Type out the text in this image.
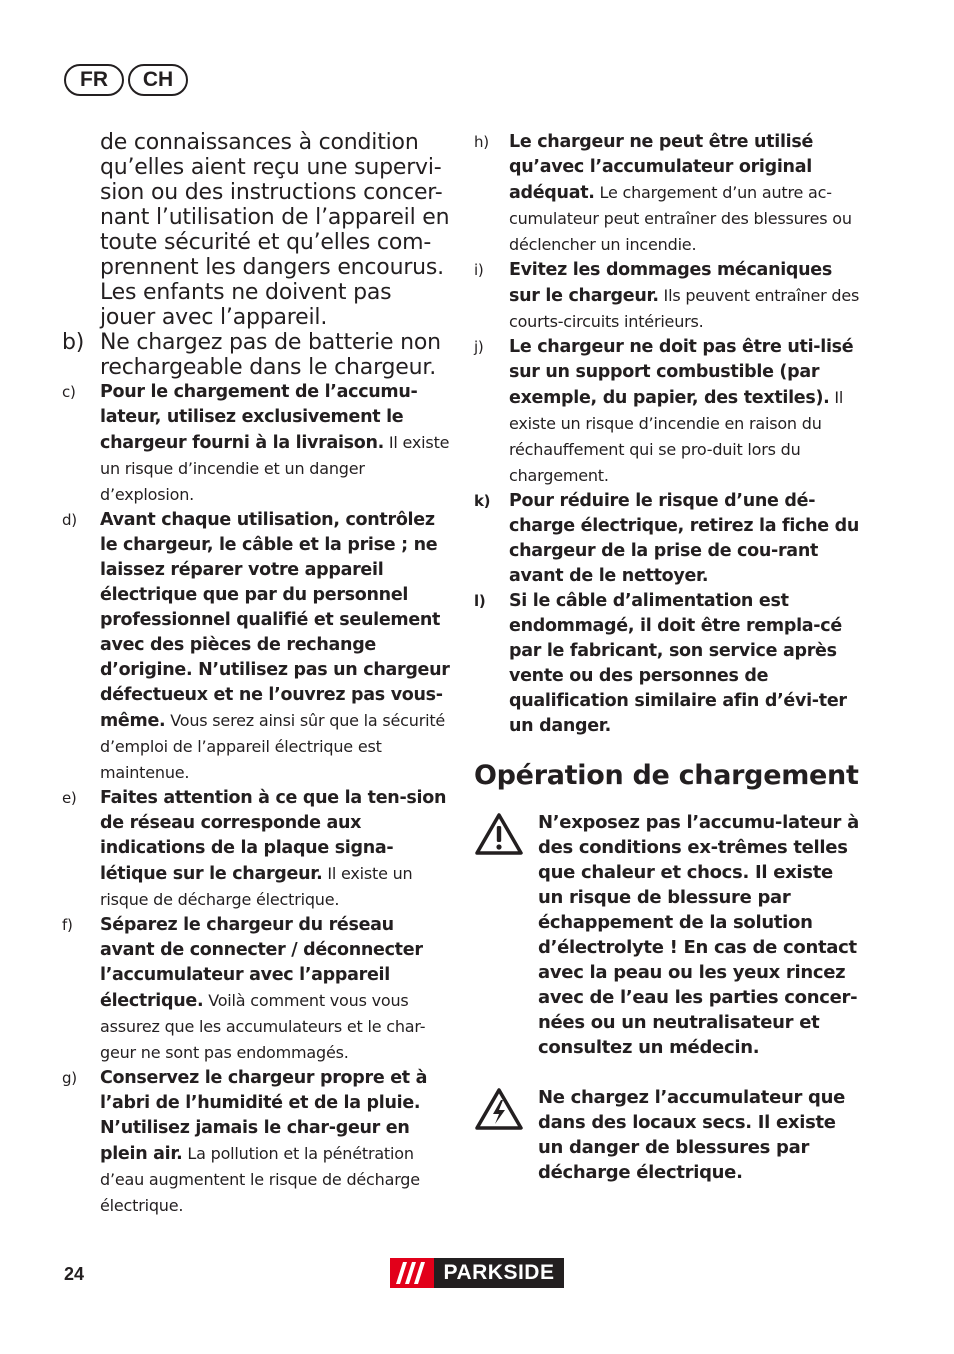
FR	CH
de connaissances à condition qu’elles aient reçu une supervi-sion ou des instructions concer-nant l’utilisation de l’appareil en toute sécurité et qu’elles com-prennent les dangers encourus. Les enfants ne doivent pas jouer avec l’appareil.
b) Ne chargez pas de batterie non rechargeable dans le chargeur.
c)	Pour le chargement de l’accumu-lateur, utilisez exclusivement le chargeur fourni à la livraison. Il existe un risque d’incendie et un danger d’explosion.
d)	Avant chaque utilisation, contrôlez le chargeur, le câble et la prise ; ne laissez réparer votre appareil électrique que par du personnel professionnel qualifié et seulement avec des pièces de rechange d’origine. N’utilisez pas un chargeur défectueux et ne l’ouvrez pas vous-même. Vous serez ainsi sûr que la sécurité d’emploi de l’appareil électrique est maintenue.
e)	Faites attention à ce que la ten-sion de réseau corresponde aux indications de la plaque signa-létique sur le chargeur. Il existe un risque de décharge électrique.
f)	Séparez le chargeur du réseau avant de connecter / déconnecter l’accumulateur avec l’appareil électrique. Voilà comment vous vous assurez que les accumulateurs et le char-geur ne sont pas endommagés.
g)	Conservez le chargeur propre et à l’abri de l’humidité et de la pluie. N’utilisez jamais le char-geur en plein air. La pollution et la pénétration d’eau augmentent le risque de décharge électrique.
h)	Le chargeur ne peut être utilisé qu’avec l’accumulateur original adéquat. Le chargement d’un autre ac-cumulateur peut entraîner des blessures ou déclencher un incendie.
i)	Evitez les dommages mécaniques sur le chargeur. Ils peuvent entraîner des courts-circuits intérieurs.
j)	Le chargeur ne doit pas être uti-lisé sur un support combustible (par exemple, du papier, des textiles). Il existe un risque d’incendie en raison du réchauffement qui se pro-duit lors du chargement.
k)	Pour réduire le risque d’une dé-charge électrique, retirez la fiche du chargeur de la prise de cou-rant avant de le nettoyer.
l)	Si le câble d’alimentation est endommagé, il doit être rempla-cé par le fabricant, son service après vente ou des personnes de qualification similaire afin d’évi-ter un danger.
Opération de chargement
N’exposez pas l’accumu-lateur à des conditions ex-trêmes telles que chaleur et chocs. Il existe un risque de blessure par échappement de la solution d’électrolyte ! En cas de contact avec la peau ou les yeux rincez avec de l’eau les parties concer-nées ou un neutralisateur et consultez un médecin.
Ne chargez l’accumulateur que dans des locaux secs. Il existe un danger de blessures par décharge électrique.
24	PARKSIDE
